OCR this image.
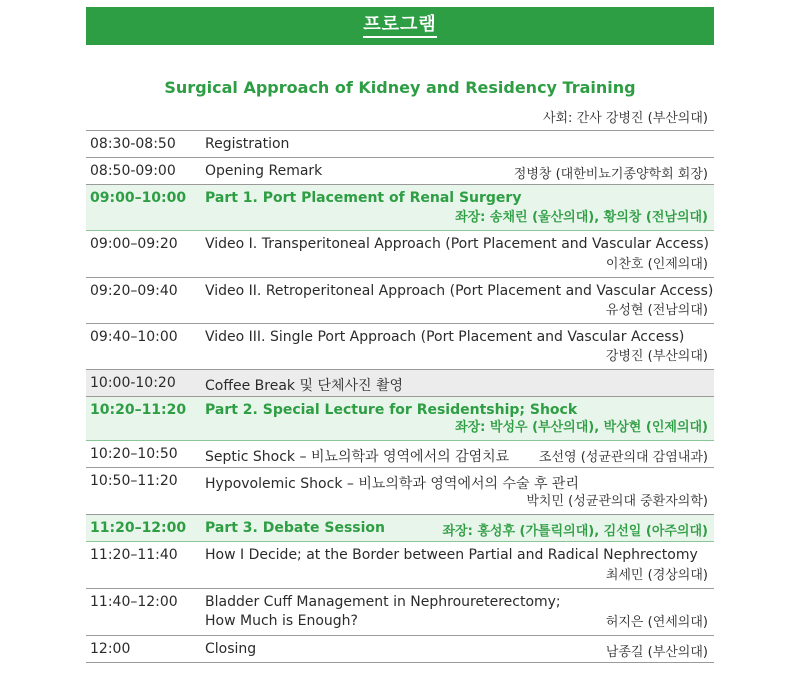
프로그램
Surgical Approach of Kidney and Residency Training
사회: 간사 강병진 (부산의대)
08:30-08:50 Registration
08:50-09:00 Opening Remark	정병창 (대한비뇨기종양학회 회장)
09:00–10:00 Part 1. Port Placement of Renal Surgery
좌장: 송채린 (울산의대), 황의창 (전남의대)
09:00–09:20 Video I. Transperitoneal Approach (Port Placement and Vascular Access)
이찬호 (인제의대)
09:20–09:40 Video II. Retroperitoneal Approach (Port Placement and Vascular Access)
유성현 (전남의대)
09:40–10:00 Video III. Single Port Approach (Port Placement and Vascular Access)
강병진 (부산의대)
10:00-10:20 Coffee Break 및 단체사진 촬영
10:20–11:20 Part 2. Special Lecture for Residentship; Shock
좌장: 박성우 (부산의대), 박상현 (인제의대)
10:20–10:50 Septic Shock – 비뇨의학과 영역에서의 감염치료 조선영 (성균관의대 감염내과)
10:50–11:20 Hypovolemic Shock – 비뇨의학과 영역에서의 수술 후 관리
박치민 (성균관의대 중환자의학)
11:20–12:00 Part 3. Debate Session	좌장: 홍성후 (가톨릭의대), 김선일 (아주의대)
11:20–11:40 How I Decide; at the Border between Partial and Radical Nephrectomy
최세민 (경상의대)
11:40–12:00 Bladder Cuff Management in Nephroureterectomy;
How Much is Enough?	허지은 (연세의대)
12:00	Closing	남종길 (부산의대)
